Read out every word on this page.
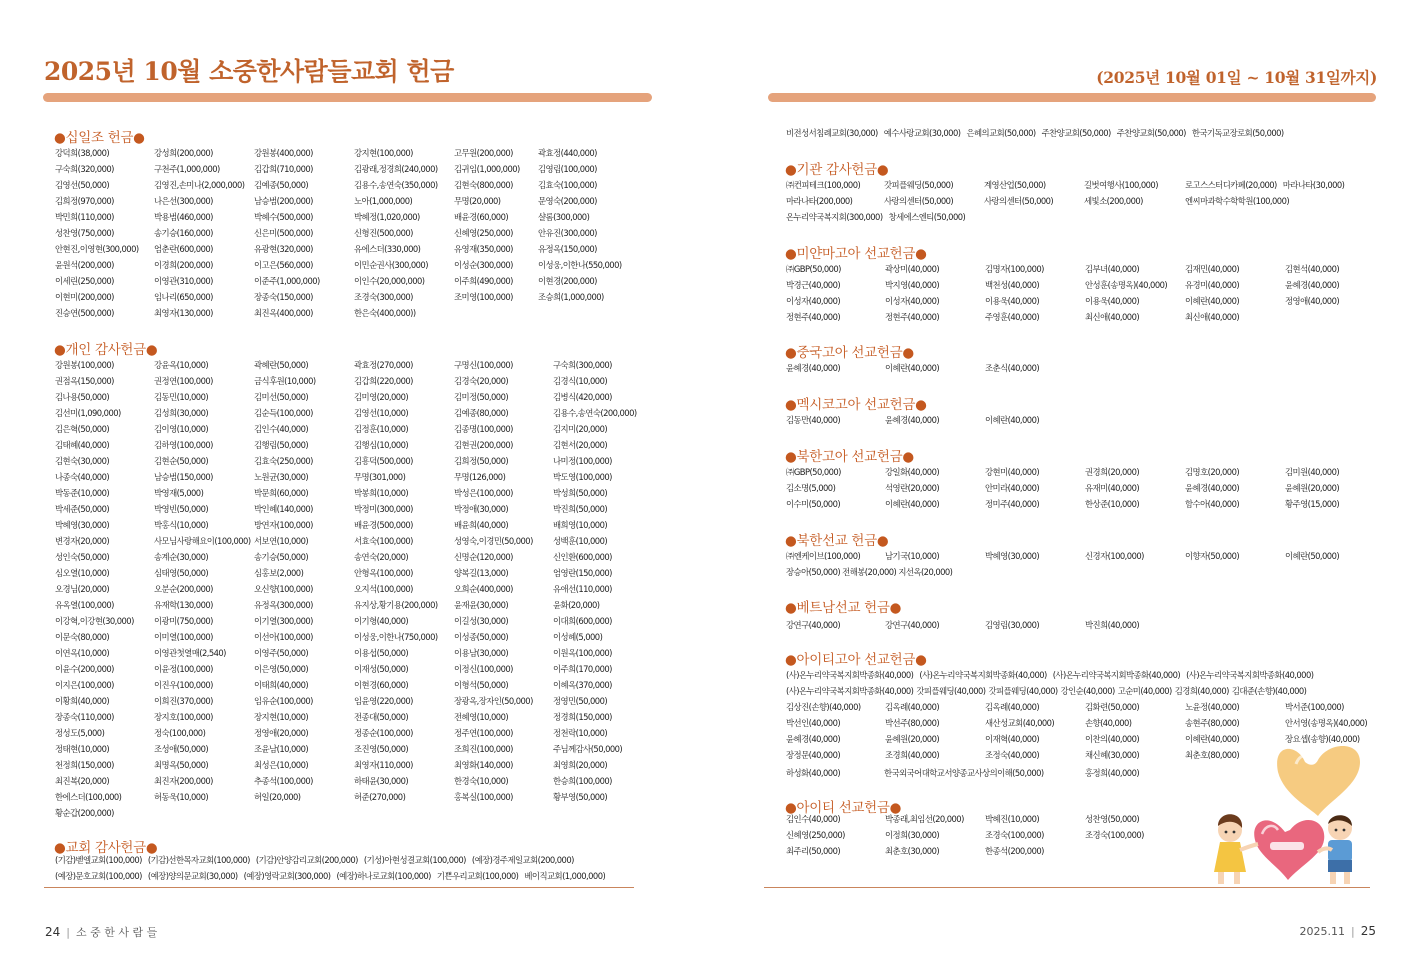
2025년 10월 소중한사람들교회 헌금	(2025년 10월 01일 ~ 10월 31일까지)
●십일조 헌금●
강덕희(38,000)	강성희(200,000)	강원봉(400,000)	강지현(100,000)	고무원(200,000)	곽효정(440,000)
구숙희(320,000)	구천주(1,000,000)	김갑희(710,000)	김광래,정경희(240,000)	김귀임(1,000,000)	김영림(100,000)
김영선(50,000)	김영진,손미나(2,000,000)	김예종(50,000)	김용수,송연숙(350,000)	김현숙(800,000)	김효숙(100,000)
김희정(970,000)	나은선(300,000)	남승범(200,000)	노아(1,000,000)	무명(20,000)	문영숙(200,000)
박민희(110,000)	박용범(460,000)	박혜수(500,000)	박혜정(1,020,000)	배윤경(60,000)	샬롬(300,000)
성찬영(750,000)	송기승(160,000)	신은미(500,000)	신형진(500,000)	신혜영(250,000)	안유진(300,000)
안현진,이영현(300,000)	엄춘란(600,000)	유광현(320,000)	유에스더(330,000)	유영재(350,000)	유정옥(150,000)
윤원석(200,000)	이경희(200,000)	이고은(560,000)	이민순권사(300,000)	이성순(300,000)	이성웅,이한나(550,000)
이세린(250,000)	이영관(310,000)	이준주(1,000,000)	이인수(20,000,000)	이주희(490,000)	이현경(200,000)
이현미(200,000)	임나리(650,000)	장종숙(150,000)	조경숙(300,000)	조미영(100,000)	조승희(1,000,000)
진승연(500,000)	최영자(130,000)	최진옥(400,000)	한은숙(400,000))
●개인 감사헌금●
강원봉(100,000)	강윤옥(10,000)	곽혜란(50,000)	곽효정(270,000)	구명신(100,000)	구숙희(300,000)
권점옥(150,000)	권정연(100,000)	금식후원(10,000)	김갑희(220,000)	김경숙(20,000)	김경식(10,000)
김나용(50,000)	김동민(10,000)	김미선(50,000)	김미영(20,000)	김미정(50,000)	김병식(420,000)
김선미(1,090,000)	김성희(30,000)	김순득(100,000)	김영선(10,000)	김예종(80,000)	김용수,송연숙(200,000)
김은혁(50,000)	김이영(10,000)	김인수(40,000)	김정훈(10,000)	김종명(100,000)	김지미(20,000)
김태혜(40,000)	김하영(100,000)	김행림(50,000)	김행심(10,000)	김현권(200,000)	김현서(20,000)
김현숙(30,000)	김현순(50,000)	김효숙(250,000)	김흥덕(500,000)	김희정(50,000)	나미정(100,000)
나종숙(40,000)	남승범(150,000)	노원균(30,000)	무명(301,000)	무명(126,000)	박도영(100,000)
박동준(10,000)	박영재(5,000)	박문희(60,000)	박봉희(10,000)	박성은(100,000)	박성희(50,000)
박세준(50,000)	박영빈(50,000)	박인혜(140,000)	박정미(300,000)	박정애(30,000)	박진희(50,000)
박혜영(30,000)	박홍식(10,000)	방연자(100,000)	배윤경(500,000)	배윤희(40,000)	배희영(10,000)
변경자(20,000)	사모님사랑해요이(100,000) 서보연(10,000)	서효숙(100,000)	성영숙,이경민(50,000)	성백훈(10,000)
성인숙(50,000)	송계순(30,000)	송기승(50,000)	송연숙(20,000)	신명순(120,000)	신인환(600,000)
심오열(10,000)	심태영(50,000)	심홍보(2,000)	안형옥(100,000)	양복길(13,000)	엄영란(150,000)
오경님(20,000)	오분순(200,000)	오신향(100,000)	오지석(100,000)	오희순(400,000)	유애선(110,000)
유옥열(100,000)	유재학(130,000)	유정옥(300,000)	유지상,황기용(200,000)	윤재윤(30,000)	윤화(20,000)
이강혁,이강현(30,000)	이광미(750,000)	이기열(300,000)	이기형(40,000)	이길성(30,000)	이대희(600,000)
이문숙(80,000)	이미열(100,000)	이선아(100,000)	이성웅,이한나(750,000)	이성종(50,000)	이성혜(5,000)
이연옥(10,000)	이영관첫열매(2,540)	이영주(50,000)	이용섭(50,000)	이용남(30,000)	이원옥(100,000)
이윤수(200,000)	이윤정(100,000)	이은영(50,000)	이재성(50,000)	이정신(100,000)	이주희(170,000)
이지은(100,000)	이진우(100,000)	이태희(40,000)	이현경(60,000)	이형석(50,000)	이혜옥(370,000)
이황희(40,000)	이희진(370,000)	임유순(100,000)	임윤영(220,000)	장광옥,장자인(50,000)	정영민(50,000)
장종숙(110,000)	장지호(100,000)	장지현(10,000)	전종대(50,000)	전혜영(10,000)	정경희(150,000)
정성도(5,000)	정숙(100,000)	정영애(20,000)	정종순(100,000)	정주연(100,000)	정천락(10,000)
정태현(10,000)	조성애(50,000)	조윤남(10,000)	조진영(50,000)	조희진(100,000)	주님께감사(50,000)
천정희(150,000)	최명옥(50,000)	최성은(10,000)	최영자(110,000)	최영화(140,000)	최영희(20,000)
최진복(20,000)	최진자(200,000)	추종석(100,000)	하태윤(30,000)	한경숙(10,000)	한승희(100,000)
한에스더(100,000)	허동욱(10,000)	허일(20,000)	허준(270,000)	홍복실(100,000)	황부영(50,000)
황순갑(200,000)
●교회 감사헌금●
(기감)벧엘교회(100,000) (기감)선한목자교회(100,000) (기감)안양감리교회(200,000) (기성)아현성결교회(100,000) (예장)경주제일교회(200,000)
(예장)문호교회(100,000) (예장)양의문교회(30,000) (예장)영락교회(300,000) (예장)하나로교회(100,000) 기쁜우리교회(100,000) 베이직교회(1,000,000)
24 | 소 중 한 사 람 들
비전성서침례교회(30,000) 예수사랑교회(30,000) 은혜의교회(50,000) 주찬양교회(50,000) 주찬양교회(50,000) 한국기독교장로회(50,000)
●기관 감사헌금●
㈜컨피테크(100,000)	갓피플웨딩(50,000)	계영산업(50,000)	길벗여행사(100,000)	로고스스터디카페(20,000) 마라나타(30,000)
마라나타(200,000)	사랑의센터(50,000)	사랑의센터(50,000)	세빛소(200,000)	엔씨마과학수학학원(100,000)
온누리약국복지회(300,000) 창세에스엔티(50,000)
●미얀마고아 선교헌금●
㈜GBP(50,000)	곽상미(40,000)	김명자(100,000)	김부녀(40,000)	김재민(40,000)	김현석(40,000)
박경근(40,000)	박지영(40,000)	백천성(40,000)	안성훈(송명옥)(40,000)	유경미(40,000)	윤혜경(40,000)
이성자(40,000)	이성자(40,000)	이용욱(40,000)	이용욱(40,000)	이혜란(40,000)	정영애(40,000)
정현주(40,000)	정현주(40,000)	주영훈(40,000)	최신애(40,000)	최신애(40,000)
●중국고아 선교헌금●
윤혜경(40,000)	이혜란(40,000)	조춘식(40,000)
●멕시코고아 선교헌금●
김동만(40,000)	윤혜경(40,000)	이혜란(40,000)
●북한고아 선교헌금●
㈜GBP(50,000)	강일화(40,000)	강현미(40,000)	권경희(20,000)	김명호(20,000)	김미원(40,000)
김소명(5,000)	석영란(20,000)	안미라(40,000)	유재미(40,000)	윤혜경(40,000)	윤혜원(20,000)
이수미(50,000)	이혜란(40,000)	정미주(40,000)	한상준(10,000)	함수아(40,000)	황주영(15,000)
●북한선교 헌금●
㈜엔케이브(100,000)	남기국(10,000)	박혜영(30,000)	신경자(100,000)	이향자(50,000)	이혜란(50,000)
장승아(50,000) 전해봉(20,000) 지선옥(20,000)
●베트남선교 헌금●
강연구(40,000)	강연구(40,000)	김영림(30,000)	박진희(40,000)
●아이티고아 선교헌금●
(사)온누리약국복지회박종화(40,000) (사)온누리약국복지회박종화(40,000) (사)온누리약국복지회박종화(40,000) (사)온누리약국복지회박종화(40,000)
(사)온누리약국복지회박종화(40,000) 갓피플웨딩(40,000) 갓피플웨딩(40,000) 강인순(40,000) 고순미(40,000) 김경희(40,000) 김대준(손향)(40,000)
김상진(손향)(40,000)	김옥례(40,000)	김옥례(40,000)	김화련(50,000)	노윤정(40,000)	박서준(100,000)
박선인(40,000)	박선주(80,000)	새산성교회(40,000)	손향(40,000)	송현주(80,000)	안서영(송명옥)(40,000)
윤혜경(40,000)	윤혜원(20,000)	이재혁(40,000)	이찬의(40,000)	이혜란(40,000)	장요셉(송향)(40,000)
장정문(40,000)	조경희(40,000)	조정숙(40,000)	채신혜(30,000)	최춘호(80,000)
하성화(40,000)	한국외국어대학교서양종교사상의이해(50,000)	홍정희(40,000)
●아이티 선교헌금●
김인수(40,000)	박종래,최임선(20,000)	박혜진(10,000)	성찬영(50,000)
신혜영(250,000)	이정희(30,000)	조경숙(100,000)	조경숙(100,000)
최주리(50,000)	최춘호(30,000)	한종석(200,000)
2025.11 | 25
